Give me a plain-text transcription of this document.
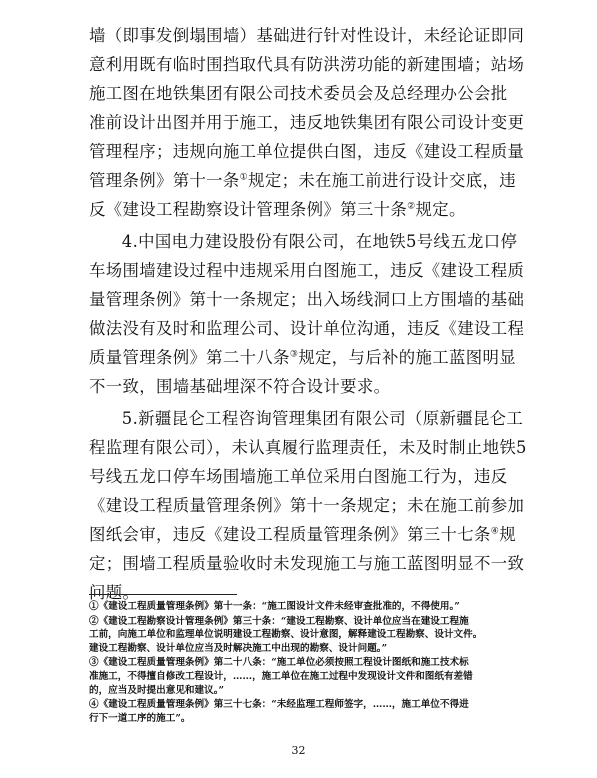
墙（即事发倒塌围墙）基础进行针对性设计，未经论证即同
意利用既有临时围挡取代具有防洪涝功能的新建围墙；站场
施工图在地铁集团有限公司技术委员会及总经理办公会批
准前设计出图并用于施工，违反地铁集团有限公司设计变更
管理程序；违规向施工单位提供白图，违反《建设工程质量
管理条例》第十一条①规定；未在施工前进行设计交底，违
反《建设工程勘察设计管理条例》第三十条②规定。

4.中国电力建设股份有限公司，在地铁5号线五龙口停
车场围墙建设过程中违规采用白图施工，违反《建设工程质
量管理条例》第十一条规定；出入场线洞口上方围墙的基础
做法没有及时和监理公司、设计单位沟通，违反《建设工程
质量管理条例》第二十八条③规定，与后补的施工蓝图明显
不一致，围墙基础埋深不符合设计要求。

5.新疆昆仑工程咨询管理集团有限公司（原新疆昆仑工
程监理有限公司），未认真履行监理责任，未及时制止地铁5
号线五龙口停车场围墙施工单位采用白图施工行为，违反
《建设工程质量管理条例》第十一条规定；未在施工前参加
图纸会审，违反《建设工程质量管理条例》第三十七条④规
定；围墙工程质量验收时未发现施工与施工蓝图明显不一致
问题。

①《建设工程质量管理条例》第十一条：“施工图设计文件未经审查批准的，不得使用。”

②《建设工程勘察设计管理条例》第三十条：“建设工程勘察、设计单位应当在建设工程施
工前，向施工单位和监理单位说明建设工程勘察、设计意图，解释建设工程勘察、设计文件。
建设工程勘察、设计单位应当及时解决施工中出现的勘察、设计问题。”

③《建设工程质量管理条例》第二十八条：“施工单位必须按照工程设计图纸和施工技术标
准施工，不得擅自修改工程设计，……，施工单位在施工过程中发现设计文件和图纸有差错
的，应当及时提出意见和建议。”

④《建设工程质量管理条例》第三十七条：“未经监理工程师签字，……，施工单位不得进
行下一道工序的施工”。

32
